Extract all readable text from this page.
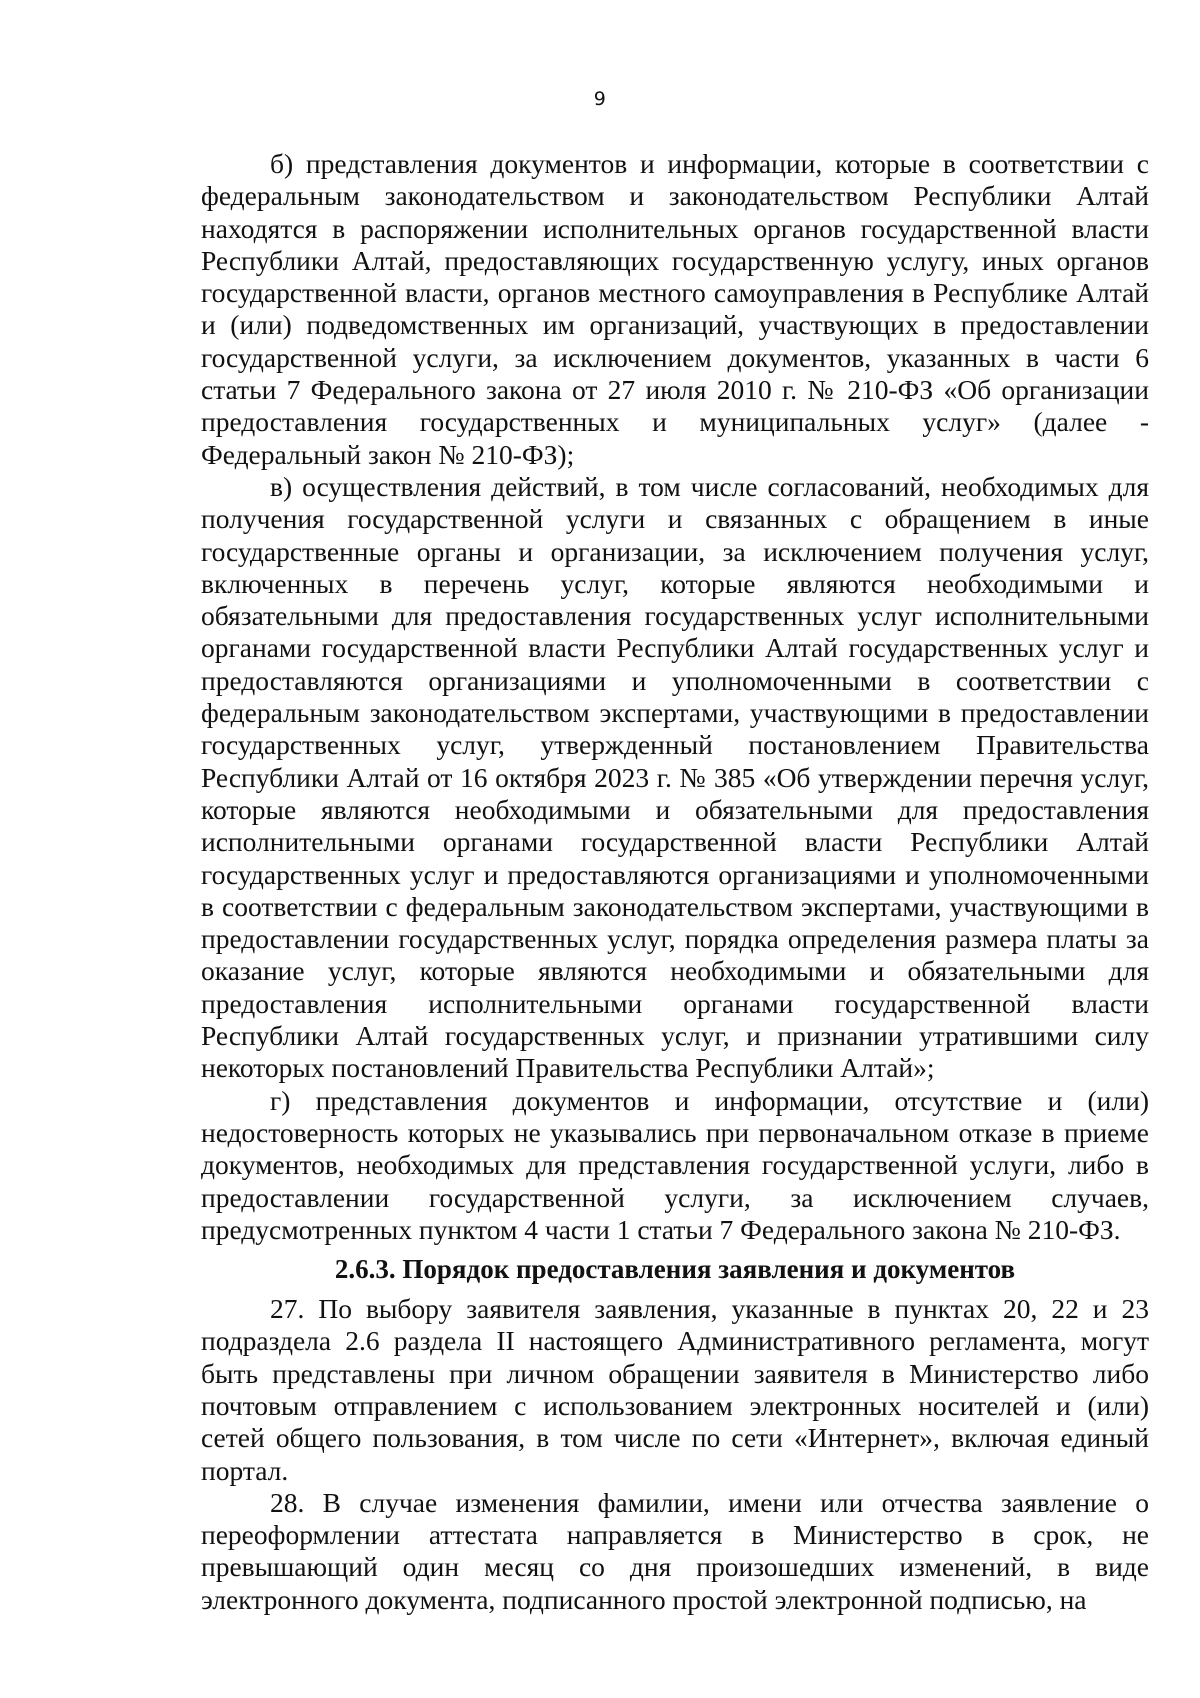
9

б) представления документов и информации, которые в соответствии с федеральным законодательством и законодательством Республики Алтай находятся в распоряжении исполнительных органов государственной власти Республики Алтай, предоставляющих государственную услугу, иных органов государственной власти, органов местного самоуправления в Республике Алтай и (или) подведомственных им организаций, участвующих в предоставлении государственной услуги, за исключением документов, указанных в части 6 статьи 7 Федерального закона от 27 июля 2010 г. № 210-ФЗ «Об организации предоставления государственных и муниципальных услуг» (далее - Федеральный закон № 210-ФЗ);

в) осуществления действий, в том числе согласований, необходимых для получения государственной услуги и связанных с обращением в иные государственные органы и организации, за исключением получения услуг, включенных в перечень услуг, которые являются необходимыми и обязательными для предоставления государственных услуг исполнительными органами государственной власти Республики Алтай государственных услуг и предоставляются организациями и уполномоченными в соответствии с федеральным законодательством экспертами, участвующими в предоставлении государственных услуг, утвержденный постановлением Правительства Республики Алтай от 16 октября 2023 г. № 385 «Об утверждении перечня услуг, которые являются необходимыми и обязательными для предоставления исполнительными органами государственной власти Республики Алтай государственных услуг и предоставляются организациями и уполномоченными в соответствии с федеральным законодательством экспертами, участвующими в предоставлении государственных услуг, порядка определения размера платы за оказание услуг, которые являются необходимыми и обязательными для предоставления исполнительными органами государственной власти Республики Алтай государственных услуг, и признании утратившими силу некоторых постановлений Правительства Республики Алтай»;

г) представления документов и информации, отсутствие и (или) недостоверность которых не указывались при первоначальном отказе в приеме документов, необходимых для представления государственной услуги, либо в предоставлении государственной услуги, за исключением случаев, предусмотренных пунктом 4 части 1 статьи 7 Федерального закона № 210-ФЗ.

2.6.3. Порядок предоставления заявления и документов

27. По выбору заявителя заявления, указанные в пунктах 20, 22 и 23 подраздела 2.6 раздела II настоящего Административного регламента, могут быть представлены при личном обращении заявителя в Министерство либо почтовым отправлением с использованием электронных носителей и (или) сетей общего пользования, в том числе по сети «Интернет», включая единый портал.

28. В случае изменения фамилии, имени или отчества заявление о переоформлении аттестата направляется в Министерство в срок, не превышающий один месяц со дня произошедших изменений, в виде электронного документа, подписанного простой электронной подписью, на
